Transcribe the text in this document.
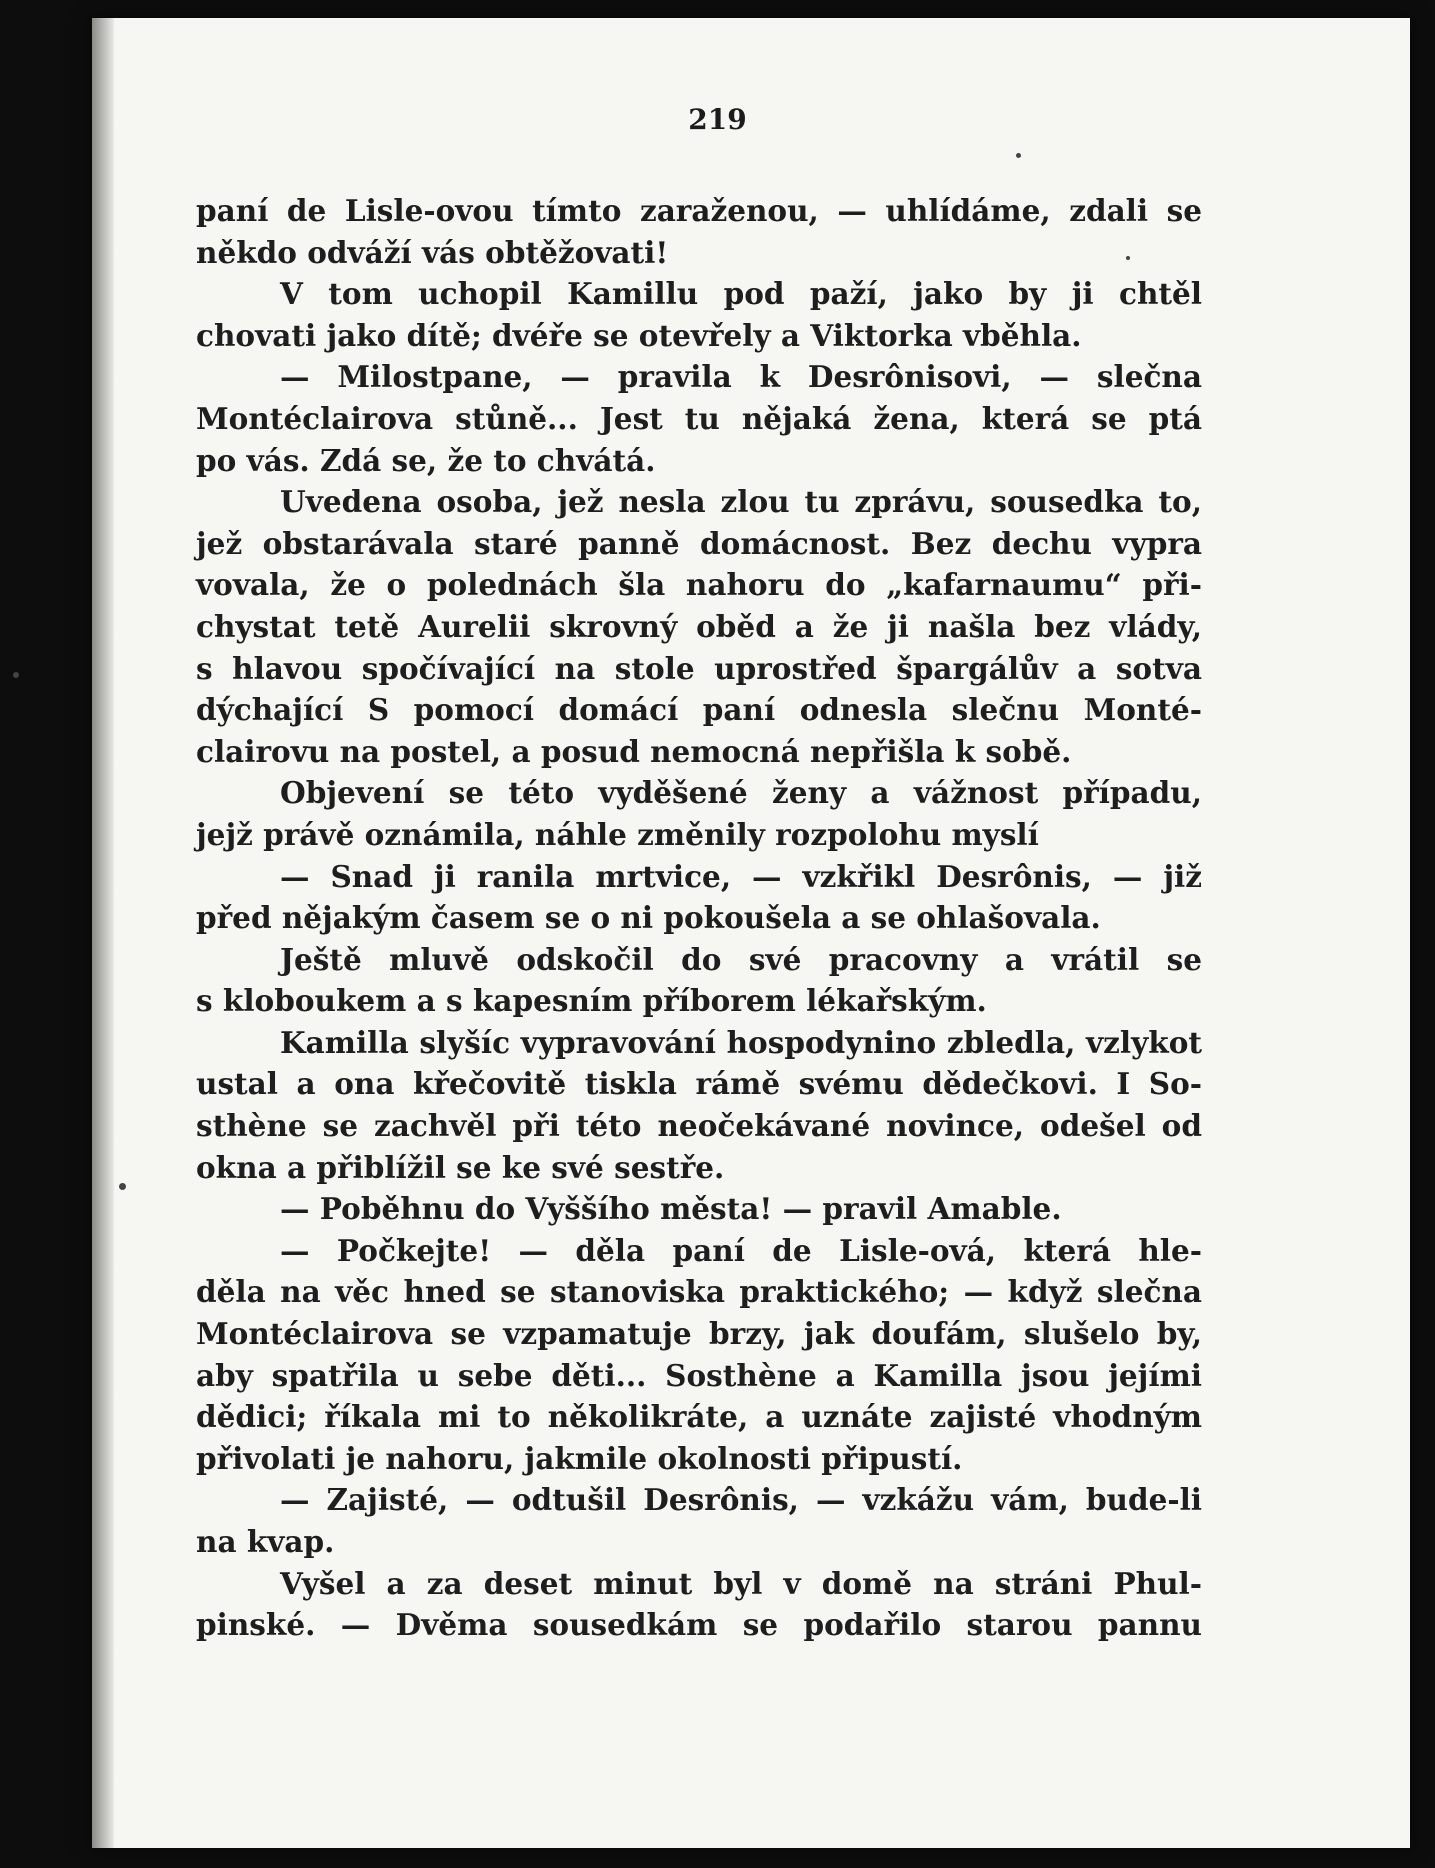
219
paní de Lisle-ovou tímto zaraženou, — uhlídáme, zdali se
někdo odváží vás obtěžovati!
V tom uchopil Kamillu pod paží, jako by ji chtěl
chovati jako dítě; dvéře se otevřely a Viktorka vběhla.
— Milostpane, — pravila k Desrônisovi, — slečna
Montéclairova stůně... Jest tu nějaká žena, která se ptá
po vás. Zdá se, že to chvátá.
Uvedena osoba, jež nesla zlou tu zprávu, sousedka to,
jež obstarávala staré panně domácnost. Bez dechu vypra
vovala, že o polednách šla nahoru do „kafarnaumu“ při-
chystat tetě Aurelii skrovný oběd a že ji našla bez vlády,
s hlavou spočívající na stole uprostřed špargálův a sotva
dýchající S pomocí domácí paní odnesla slečnu Monté-
clairovu na postel, a posud nemocná nepřišla k sobě.
Objevení se této vyděšené ženy a vážnost případu,
jejž právě oznámila, náhle změnily rozpolohu myslí
— Snad ji ranila mrtvice, — vzkřikl Desrônis, — již
před nějakým časem se o ni pokoušela a se ohlašovala.
Ještě mluvě odskočil do své pracovny a vrátil se
s kloboukem a s kapesním příborem lékařským.
Kamilla slyšíc vypravování hospodynino zbledla, vzlykot
ustal a ona křečovitě tiskla rámě svému dědečkovi. I So-
sthène se zachvěl při této neočekávané novince, odešel od
okna a přiblížil se ke své sestře.
— Poběhnu do Vyššího města! — pravil Amable.
— Počkejte! — děla paní de Lisle-ová, která hle-
děla na věc hned se stanoviska praktického; — když slečna
Montéclairova se vzpamatuje brzy, jak doufám, slušelo by,
aby spatřila u sebe děti... Sosthène a Kamilla jsou jejími
dědici; říkala mi to několikráte, a uznáte zajisté vhodným
přivolati je nahoru, jakmile okolnosti připustí.
— Zajisté, — odtušil Desrônis, — vzkážu vám, bude-li
na kvap.
Vyšel a za deset minut byl v domě na stráni Phul-
pinské. — Dvěma sousedkám se podařilo starou pannu
